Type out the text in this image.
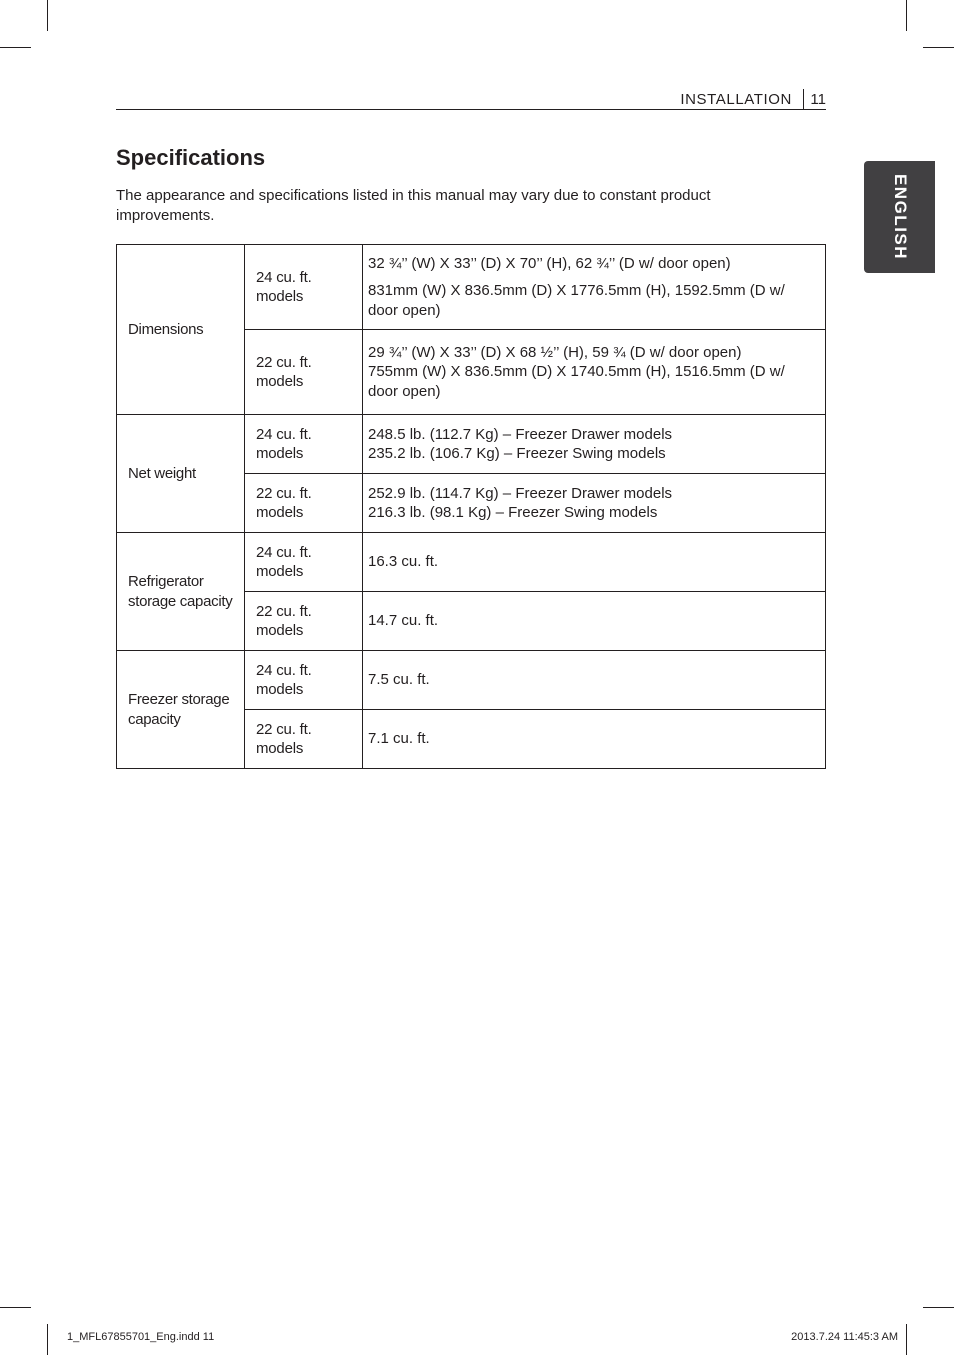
INSTALLATION 11
ENGLISH
Specifications

The appearance and specifications listed in this manual may vary due to constant product improvements.

Dimensions	24 cu. ft. models	32 ¾’’ (W) X 33’’ (D) X 70’’ (H), 62 ¾’’ (D w/ door open)

831mm (W) X 836.5mm (D) X 1776.5mm (H), 1592.5mm (D w/ door open)

	22 cu. ft. models	29 ¾’’ (W) X 33’’ (D) X 68 ½’’ (H), 59 ¾ (D w/ door open)

755mm (W) X 836.5mm (D) X 1740.5mm (H), 1516.5mm (D w/ door open)

Net weight	24 cu. ft. models	248.5 lb. (112.7 Kg) – Freezer Drawer models

235.2 lb. (106.7 Kg) – Freezer Swing models

	22 cu. ft. models	252.9 lb. (114.7 Kg) – Freezer Drawer models

216.3 lb. (98.1 Kg) – Freezer Swing models

Refrigerator storage capacity	24 cu. ft. models	16.3 cu. ft.

	22 cu. ft. models	14.7 cu. ft.

Freezer storage capacity	24 cu. ft. models	7.5 cu. ft.

	22 cu. ft. models	7.1 cu. ft.

1_MFL67855701_Eng.indd 11	2013.7.24 11:45:3 AM
